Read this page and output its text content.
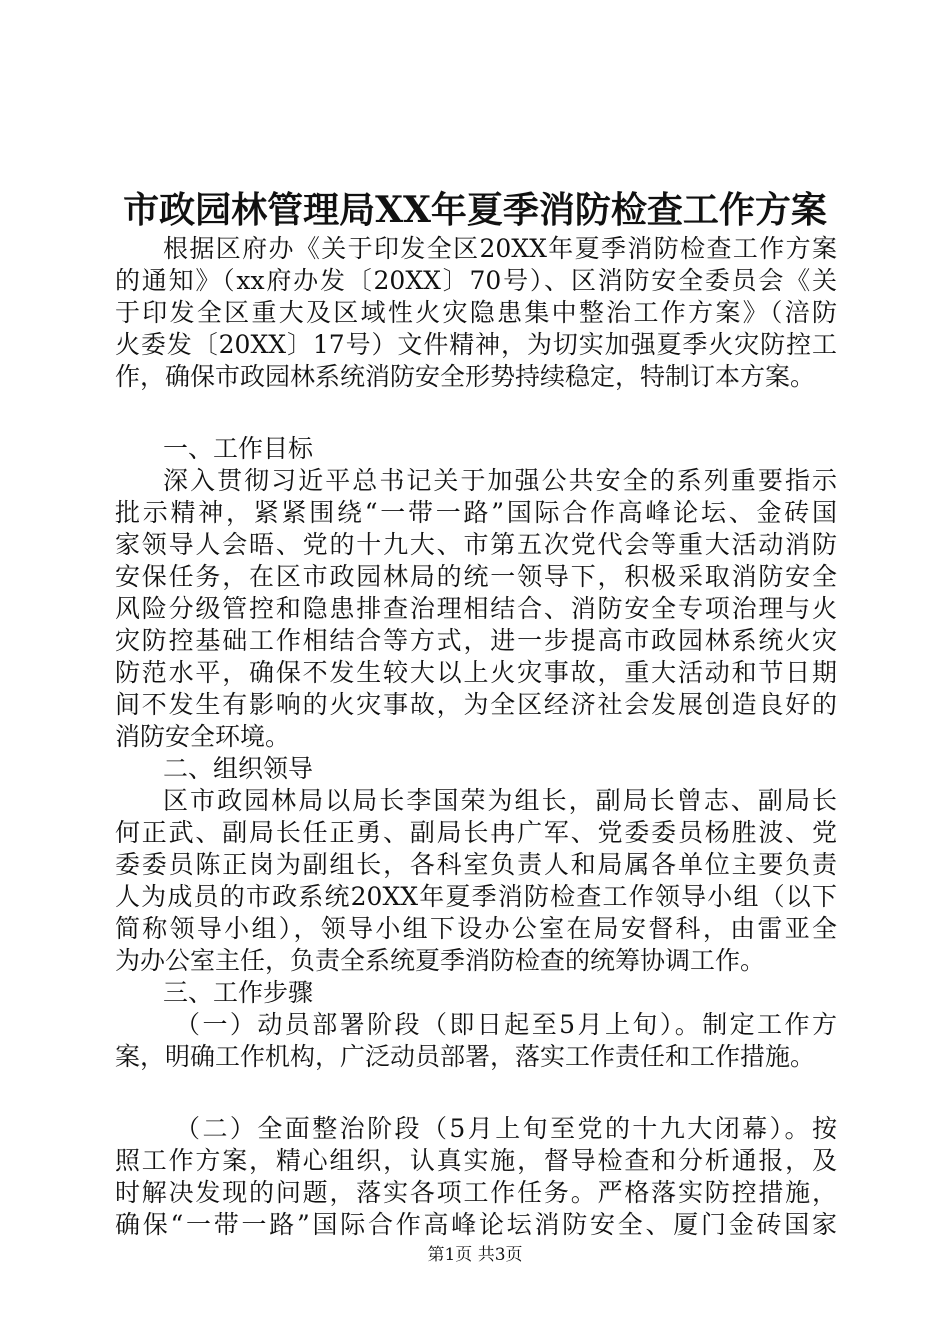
市政园林管理局XX年夏季消防检查工作方案
根据区府办《关于印发全区20XX年夏季消防检查工作方案
的通知》（xx府办发〔20XX〕70号）、区消防安全委员会《关
于印发全区重大及区域性火灾隐患集中整治工作方案》（涪防
火委发〔20XX〕17号）文件精神，为切实加强夏季火灾防控工
作，确保市政园林系统消防安全形势持续稳定，特制订本方案。
一、工作目标
深入贯彻习近平总书记关于加强公共安全的系列重要指示
批示精神，紧紧围绕“一带一路”国际合作高峰论坛、金砖国
家领导人会晤、党的十九大、市第五次党代会等重大活动消防
安保任务，在区市政园林局的统一领导下，积极采取消防安全
风险分级管控和隐患排查治理相结合、消防安全专项治理与火
灾防控基础工作相结合等方式，进一步提高市政园林系统火灾
防范水平，确保不发生较大以上火灾事故，重大活动和节日期
间不发生有影响的火灾事故，为全区经济社会发展创造良好的
消防安全环境。
二、组织领导
区市政园林局以局长李国荣为组长，副局长曾志、副局长
何正武、副局长任正勇、副局长冉广军、党委委员杨胜波、党
委委员陈正岗为副组长，各科室负责人和局属各单位主要负责
人为成员的市政系统20XX年夏季消防检查工作领导小组（以下
简称领导小组），领导小组下设办公室在局安督科，由雷亚全
为办公室主任，负责全系统夏季消防检查的统筹协调工作。
三、工作步骤
（一）动员部署阶段（即日起至5月上旬）。制定工作方
案，明确工作机构，广泛动员部署，落实工作责任和工作措施。
（二）全面整治阶段（5月上旬至党的十九大闭幕）。按
照工作方案，精心组织，认真实施，督导检查和分析通报，及
时解决发现的问题，落实各项工作任务。严格落实防控措施，
确保“一带一路”国际合作高峰论坛消防安全、厦门金砖国家
第1页 共3页
